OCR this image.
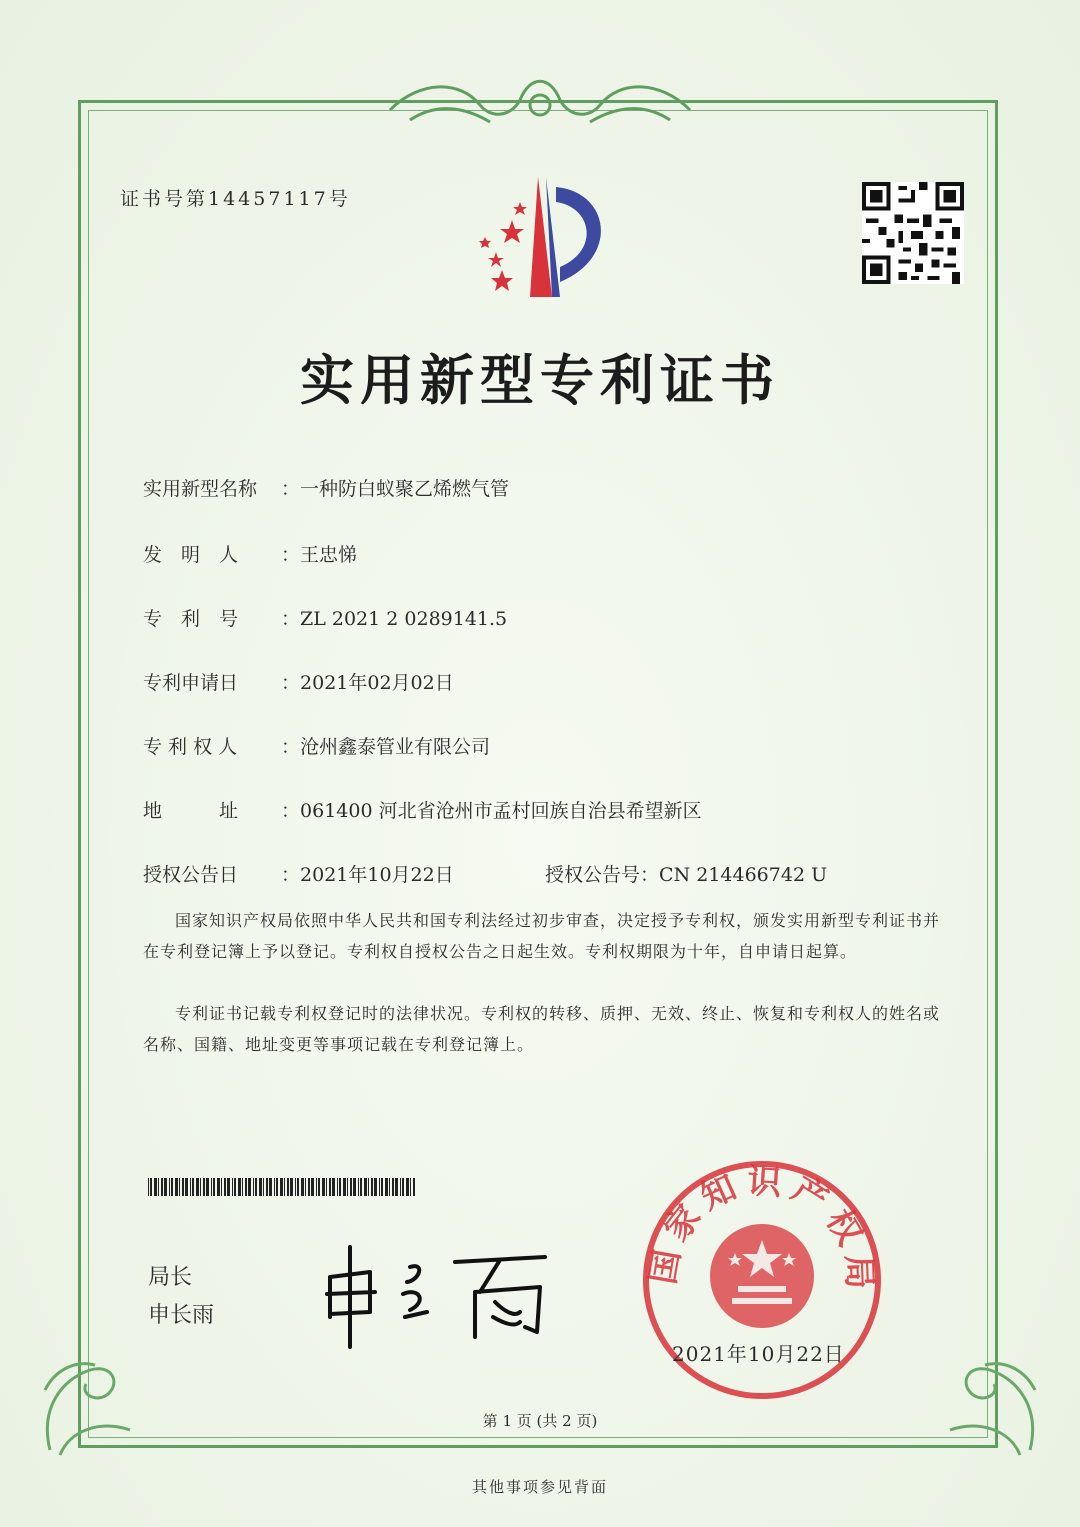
证书号第14457117号
实用新型专利证书
实用新型名称 ：一种防白蚁聚乙烯燃气管
发　明　人 ：王忠悌
专　利　号 ：ZL 2021 2 0289141.5
专利申请日 ：2021年02月02日
专 利 权 人 ：沧州鑫泰管业有限公司
地　　　址 ：061400 河北省沧州市孟村回族自治县希望新区
授权公告日 ：2021年10月22日	授权公告号：CN 214466742 U
国家知识产权局依照中华人民共和国专利法经过初步审查，决定授予专利权，颁发实用新型专利证书并在专利登记簿上予以登记。专利权自授权公告之日起生效。专利权期限为十年，自申请日起算。
专利证书记载专利权登记时的法律状况。专利权的转移、质押、无效、终止、恢复和专利权人的姓名或名称、国籍、地址变更等事项记载在专利登记簿上。
局长
申长雨
国家知识产权局
2021年10月22日
第 1 页 (共 2 页)
其他事项参见背面
